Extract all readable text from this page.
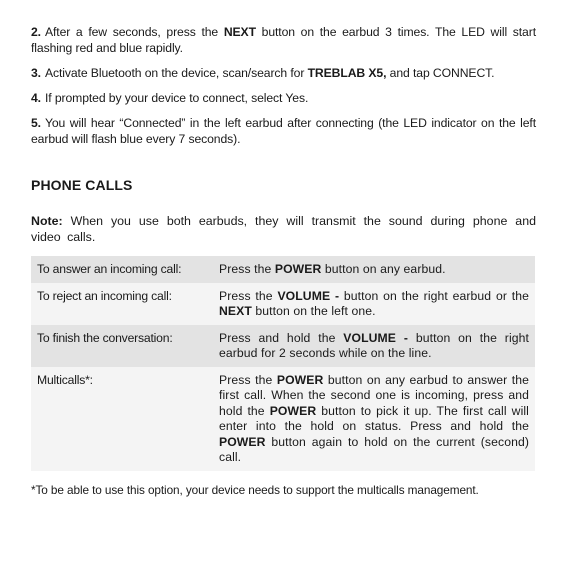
2. After a few seconds, press the NEXT button on the earbud 3 times. The LED will start flashing red and blue rapidly.

3. Activate Bluetooth on the device, scan/search for TREBLAB X5, and tap CONNECT.

4. If prompted by your device to connect, select Yes.

5. You will hear “Connected” in the left earbud after connecting (the LED indicator on the left earbud will flash blue every 7 seconds).

PHONE CALLS

Note: When you use both earbuds, they will transmit the sound during phone and video calls.

To answer an incoming call:	Press the POWER button on any earbud.
To reject an incoming call:	Press the VOLUME - button on the right earbud or the NEXT button on the left one.
To finish the conversation:	Press and hold the VOLUME - button on the right earbud for 2 seconds while on the line.
Multicalls*:	Press the POWER button on any earbud to answer the first call. When the second one is incoming, press and hold the POWER button to pick it up. The first call will enter into the hold on status. Press and hold the POWER button again to hold on the current (second) call.
*To be able to use this option, your device needs to support the multicalls management.
